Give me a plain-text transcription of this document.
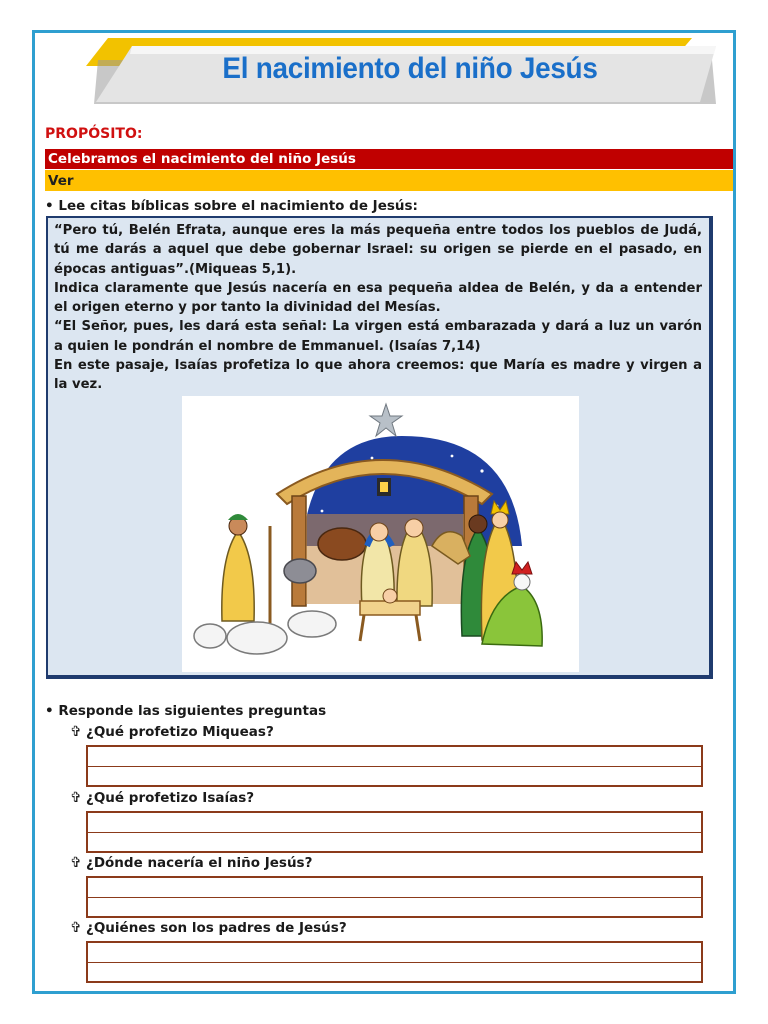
El nacimiento del niño Jesús
PROPÓSITO:
Celebramos el nacimiento del niño Jesús
Ver
• Lee citas bíblicas sobre el nacimiento de Jesús:

“Pero tú, Belén Efrata, aunque eres la más pequeña entre todos los pueblos de Judá, tú me darás a aquel que debe gobernar Israel: su origen se pierde en el pasado, en épocas antiguas”.(Miqueas 5,1).

Indica claramente que Jesús nacería en esa pequeña aldea de Belén, y da a entender el origen eterno y por tanto la divinidad del Mesías.

“El Señor, pues, les dará esta señal: La virgen está embarazada y dará a luz un varón a quien le pondrán el nombre de Emmanuel. (Isaías 7,14)

En este pasaje, Isaías profetiza lo que ahora creemos: que María es madre y virgen a la vez.

• Responde las siguientes preguntas
✞ ¿Qué profetizo Miqueas?
✞ ¿Qué profetizo Isaías?
✞ ¿Dónde nacería el niño Jesús?
✞ ¿Quiénes son los padres de Jesús?
